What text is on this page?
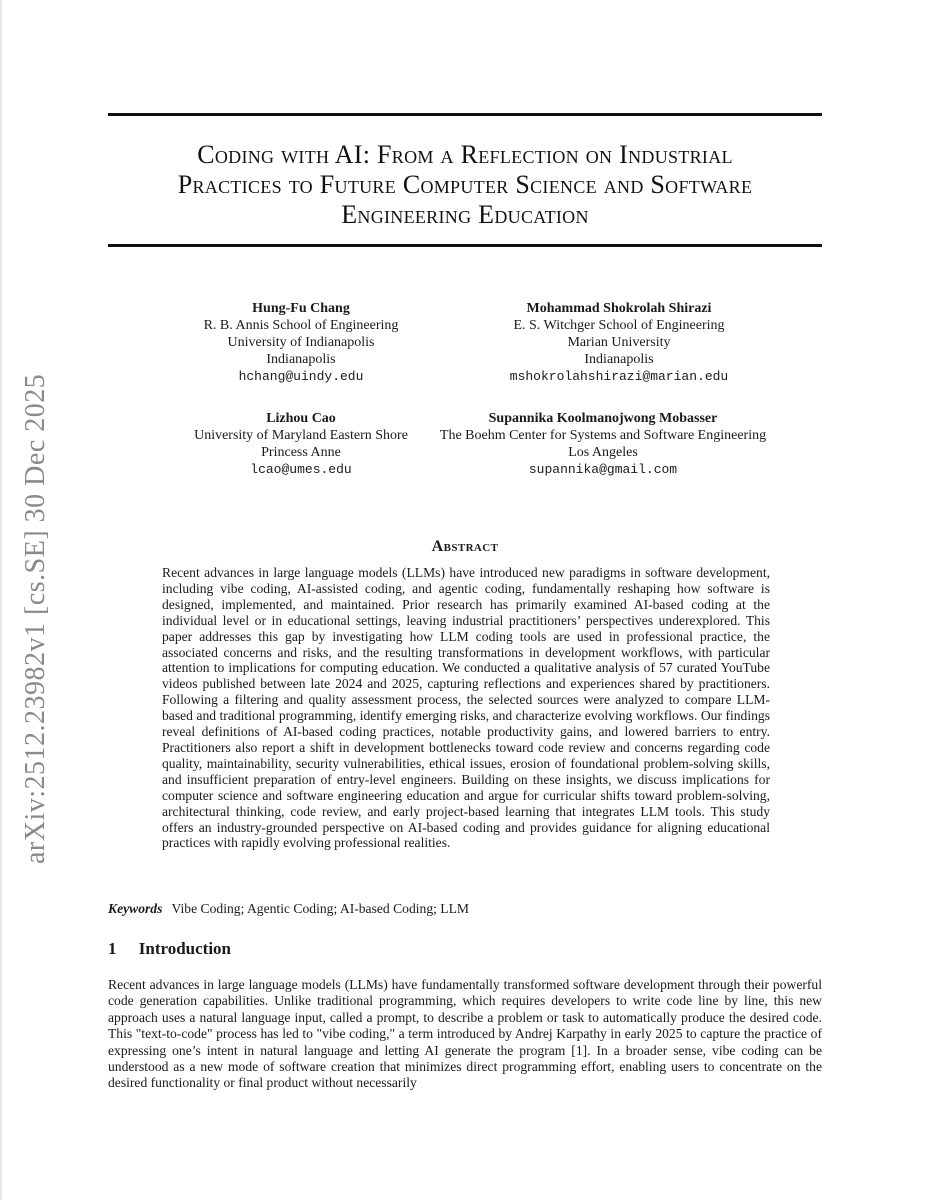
arXiv:2512.23982v1 [cs.SE] 30 Dec 2025
Coding with AI: From a Reflection on Industrial
Practices to Future Computer Science and Software
Engineering Education
Hung-Fu Chang
R. B. Annis School of Engineering
University of Indianapolis
Indianapolis
hchang@uindy.edu
Mohammad Shokrolah Shirazi
E. S. Witchger School of Engineering
Marian University
Indianapolis
mshokrolahshirazi@marian.edu
Lizhou Cao
University of Maryland Eastern Shore
Princess Anne
lcao@umes.edu
Supannika Koolmanojwong Mobasser
The Boehm Center for Systems and Software Engineering
Los Angeles
supannika@gmail.com
Abstract

Recent advances in large language models (LLMs) have introduced new paradigms in software development, including vibe coding, AI-assisted coding, and agentic coding, fundamentally reshaping how software is designed, implemented, and maintained. Prior research has primarily examined AI-based coding at the individual level or in educational settings, leaving industrial practitioners’ perspectives underexplored. This paper addresses this gap by investigating how LLM coding tools are used in professional practice, the associated concerns and risks, and the resulting transformations in development workflows, with particular attention to implications for computing education. We conducted a qualitative analysis of 57 curated YouTube videos published between late 2024 and 2025, capturing reflections and experiences shared by practitioners. Following a filtering and quality assessment process, the selected sources were analyzed to compare LLM-based and traditional programming, identify emerging risks, and characterize evolving workflows. Our findings reveal definitions of AI-based coding practices, notable productivity gains, and lowered barriers to entry. Practitioners also report a shift in development bottlenecks toward code review and concerns regarding code quality, maintainability, security vulnerabilities, ethical issues, erosion of foundational problem-solving skills, and insufficient preparation of entry-level engineers. Building on these insights, we discuss implications for computer science and software engineering education and argue for curricular shifts toward problem-solving, architectural thinking, code review, and early project-based learning that integrates LLM tools. This study offers an industry-grounded perspective on AI-based coding and provides guidance for aligning educational practices with rapidly evolving professional realities.

Keywords Vibe Coding; Agentic Coding; AI-based Coding; LLM
1 Introduction

Recent advances in large language models (LLMs) have fundamentally transformed software development through their powerful code generation capabilities. Unlike traditional programming, which requires developers to write code line by line, this new approach uses a natural language input, called a prompt, to describe a problem or task to automatically produce the desired code. This "text-to-code" process has led to "vibe coding," a term introduced by Andrej Karpathy in early 2025 to capture the practice of expressing one’s intent in natural language and letting AI generate the program [1]. In a broader sense, vibe coding can be understood as a new mode of software creation that minimizes direct programming effort, enabling users to concentrate on the desired functionality or final product without necessarily
